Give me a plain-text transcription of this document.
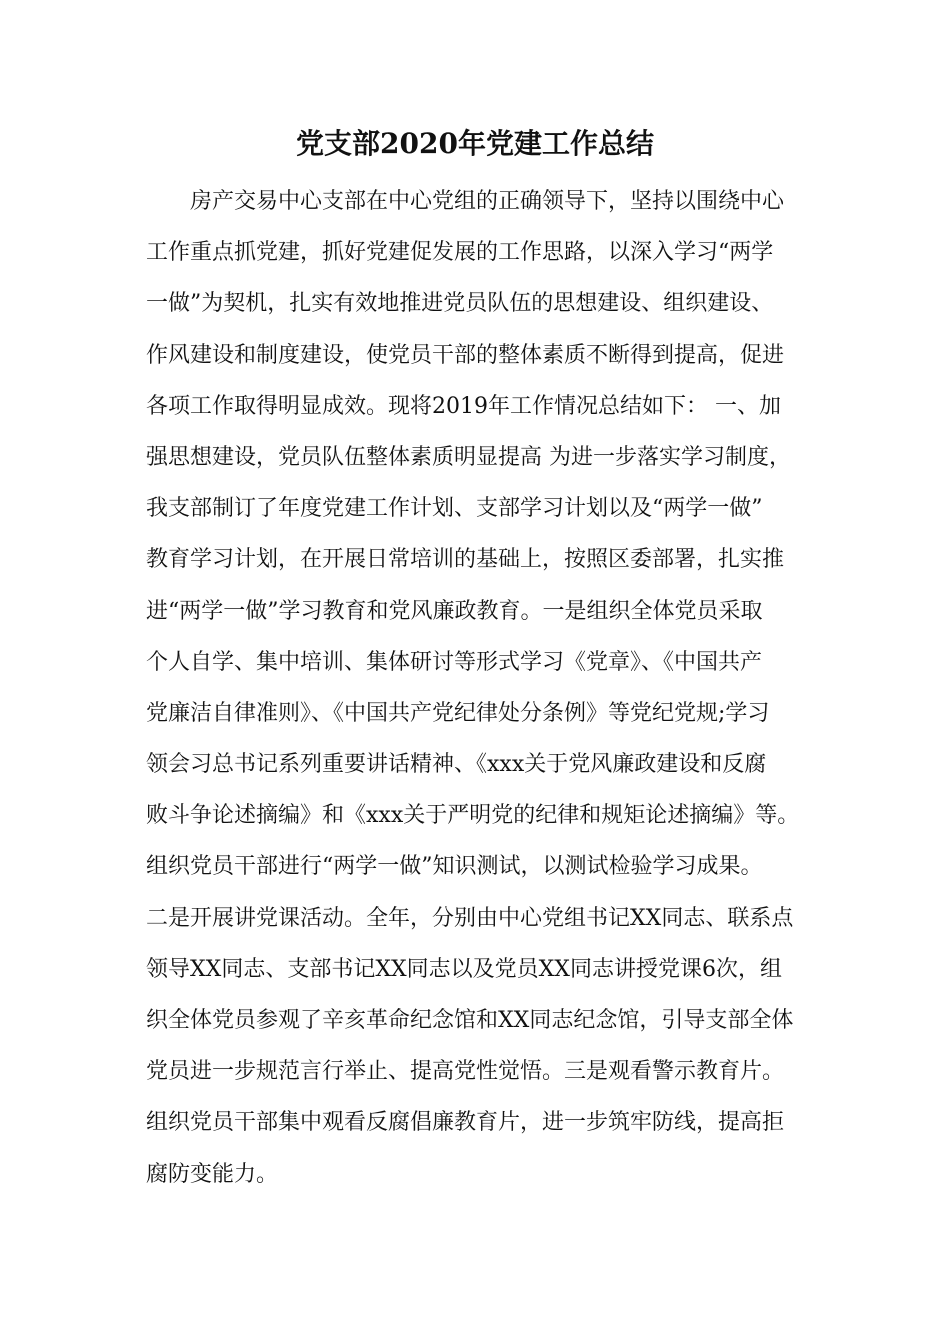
党支部2020年党建工作总结
　　房产交易中心支部在中心党组的正确领导下，坚持以围绕中心
工作重点抓党建，抓好党建促发展的工作思路，以深入学习“两学
一做”为契机，扎实有效地推进党员队伍的思想建设、组织建设、
作风建设和制度建设，使党员干部的整体素质不断得到提高，促进
各项工作取得明显成效。现将2019年工作情况总结如下： 一、加
强思想建设，党员队伍整体素质明显提高 为进一步落实学习制度，
我支部制订了年度党建工作计划、支部学习计划以及“两学一做”
教育学习计划，在开展日常培训的基础上，按照区委部署，扎实推
进“两学一做”学习教育和党风廉政教育。一是组织全体党员采取
个人自学、集中培训、集体研讨等形式学习《党章》、《中国共产
党廉洁自律准则》、《中国共产党纪律处分条例》等党纪党规;学习
领会习总书记系列重要讲话精神、《xxx关于党风廉政建设和反腐
败斗争论述摘编》和《xxx关于严明党的纪律和规矩论述摘编》等。
组织党员干部进行“两学一做”知识测试，以测试检验学习成果。
二是开展讲党课活动。全年，分别由中心党组书记XX同志、联系点
领导XX同志、支部书记XX同志以及党员XX同志讲授党课6次，组
织全体党员参观了辛亥革命纪念馆和XX同志纪念馆，引导支部全体
党员进一步规范言行举止、提高党性觉悟。三是观看警示教育片。
组织党员干部集中观看反腐倡廉教育片，进一步筑牢防线，提高拒
腐防变能力。
